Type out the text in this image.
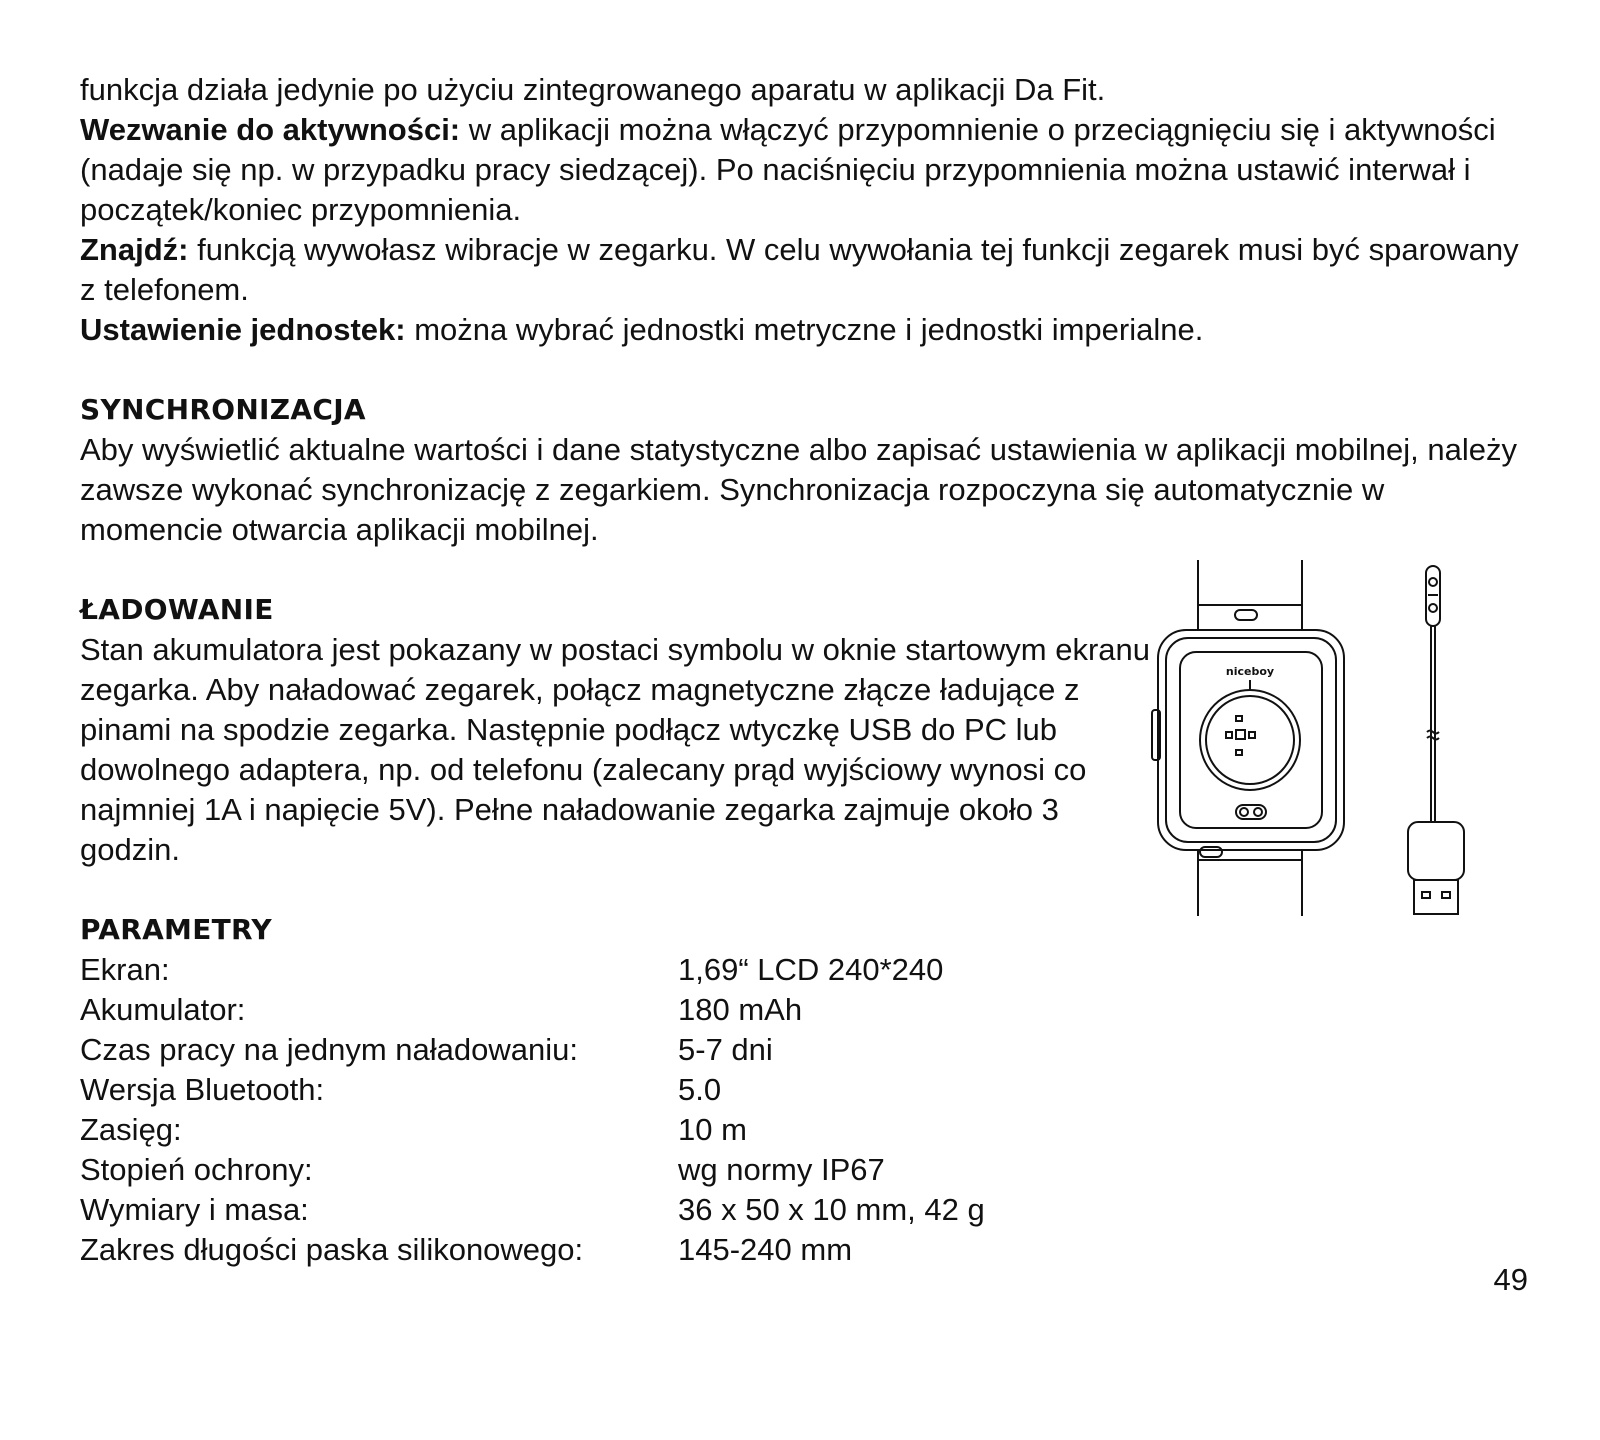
funkcja działa jedynie po użyciu zintegrowanego aparatu w aplikacji Da Fit.

Wezwanie do aktywności: w aplikacji można włączyć przypomnienie o przeciągnięciu się i aktywności (nadaje się np. w przypadku pracy siedzącej). Po naciśnięciu przypomnienia można ustawić interwał i początek/koniec przypomnienia.

Znajdź: funkcją wywołasz wibracje w zegarku. W celu wywołania tej funkcji zegarek musi być sparowany z telefonem.

Ustawienie jednostek: można wybrać jednostki metryczne i jednostki imperialne.

SYNCHRONIZACJA

Aby wyświetlić aktualne wartości i dane statystyczne albo zapisać ustawienia w aplikacji mobilnej, należy zawsze wykonać synchronizację z zegarkiem. Synchronizacja rozpoczyna się automatycznie w momencie otwarcia aplikacji mobilnej.

ŁADOWANIE

Stan akumulatora jest pokazany w postaci symbolu w oknie startowym ekranu zegarka. Aby naładować zegarek, połącz magnetyczne złącze ładujące z pinami na spodzie zegarka. Następnie podłącz wtyczkę USB do PC lub dowolnego adaptera, np. od telefonu (zalecany prąd wyjściowy wynosi co najmniej 1A i napięcie 5V). Pełne naładowanie zegarka zajmuje około 3 godzin.

PARAMETRY
Ekran:	1,69“ LCD 240*240
Akumulator:	180 mAh
Czas pracy na jednym naładowaniu:	5-7 dni
Wersja Bluetooth:	5.0
Zasięg:	10 m
Stopień ochrony:	wg normy IP67
Wymiary i masa:	36 x 50 x 10 mm, 42 g
Zakres długości paska silikonowego:	145-240 mm
niceboy
49
